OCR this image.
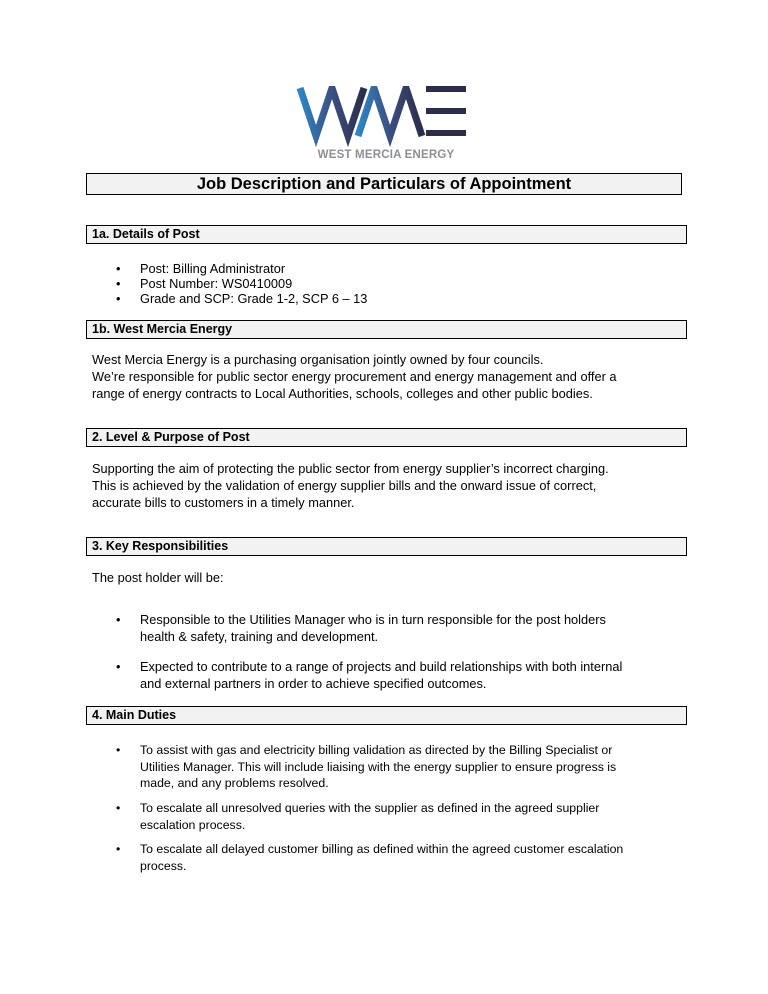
WEST MERCIA ENERGY
Job Description and Particulars of Appointment
1a. Details of Post
• Post: Billing Administrator
• Post Number: WS0410009
• Grade and SCP: Grade 1-2, SCP 6 – 13
1b. West Mercia Energy
West Mercia Energy is a purchasing organisation jointly owned by four councils.
We’re responsible for public sector energy procurement and energy management and offer a
range of energy contracts to Local Authorities, schools, colleges and other public bodies.
2. Level & Purpose of Post
Supporting the aim of protecting the public sector from energy supplier’s incorrect charging.
This is achieved by the validation of energy supplier bills and the onward issue of correct,
accurate bills to customers in a timely manner.
3. Key Responsibilities
The post holder will be:
• Responsible to the Utilities Manager who is in turn responsible for the post holders
health & safety, training and development.
• Expected to contribute to a range of projects and build relationships with both internal
and external partners in order to achieve specified outcomes.
4. Main Duties
• To assist with gas and electricity billing validation as directed by the Billing Specialist or
Utilities Manager. This will include liaising with the energy supplier to ensure progress is
made, and any problems resolved.
• To escalate all unresolved queries with the supplier as defined in the agreed supplier
escalation process.
• To escalate all delayed customer billing as defined within the agreed customer escalation
process.
